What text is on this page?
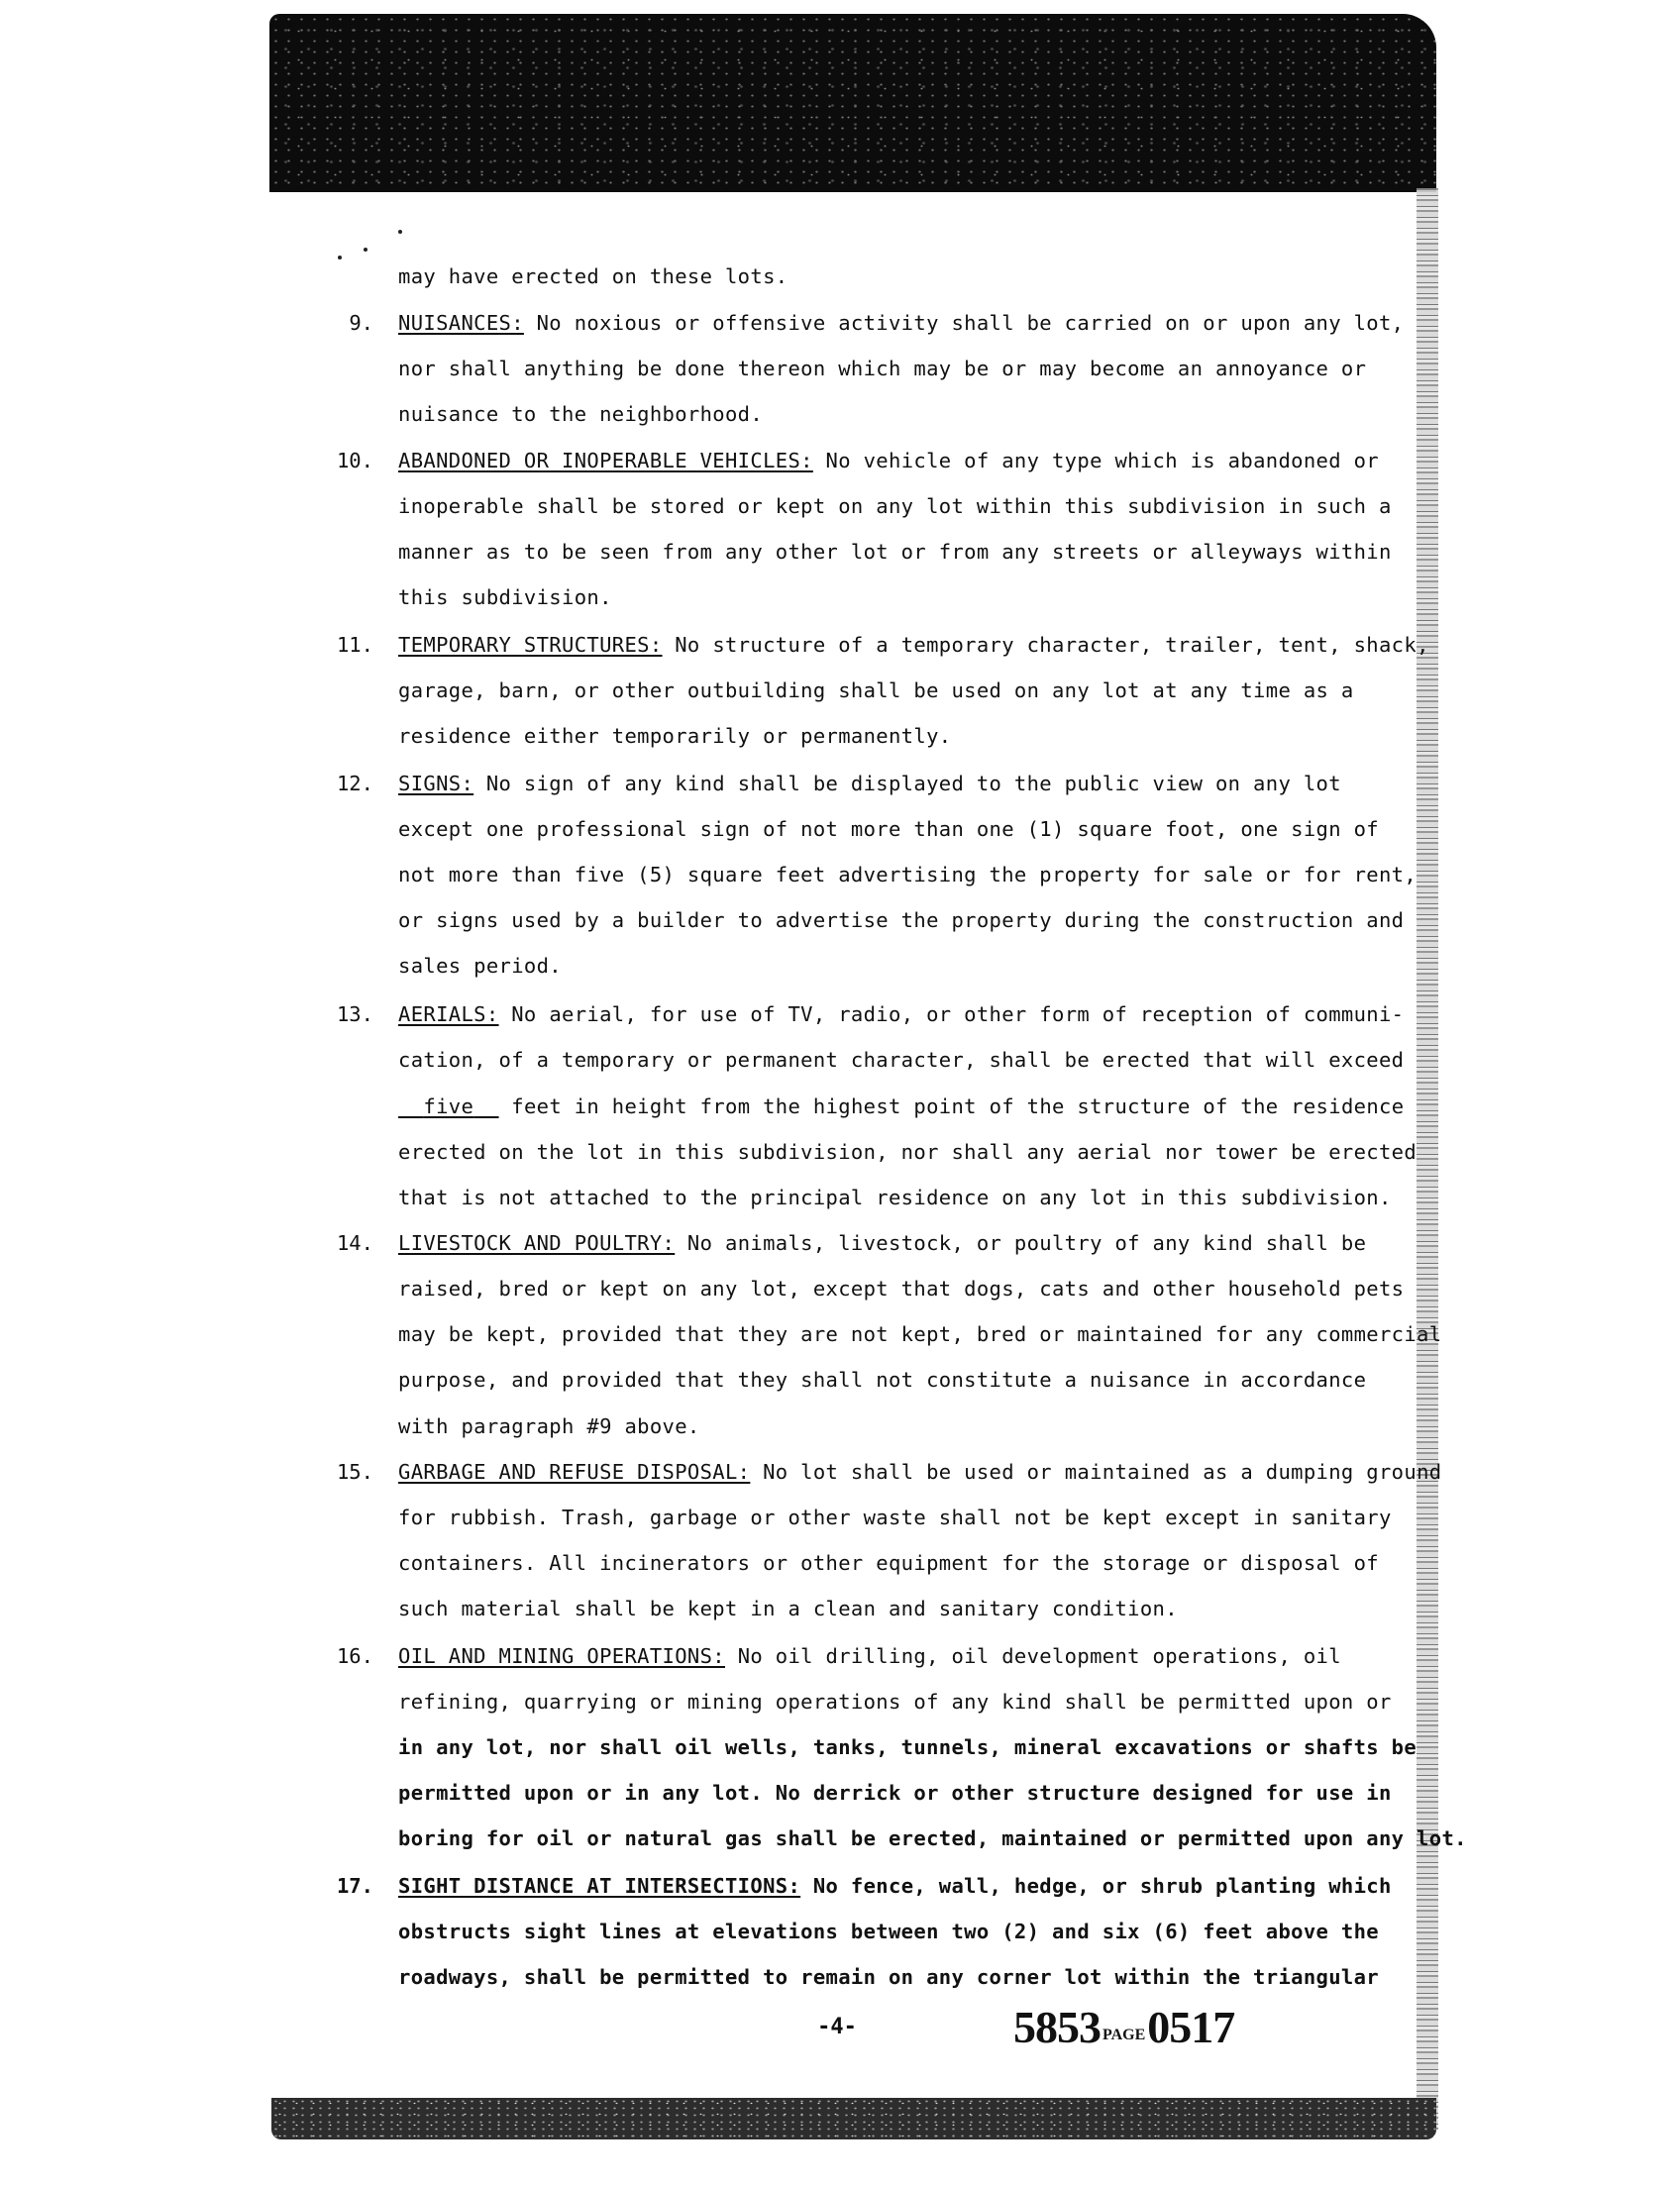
may have erected on these lots.
9. NUISANCES: No noxious or offensive activity shall be carried on or upon any lot,
nor shall anything be done thereon which may be or may become an annoyance or
nuisance to the neighborhood.
10. ABANDONED OR INOPERABLE VEHICLES: No vehicle of any type which is abandoned or
inoperable shall be stored or kept on any lot within this subdivision in such a
manner as to be seen from any other lot or from any streets or alleyways within
this subdivision.
11. TEMPORARY STRUCTURES: No structure of a temporary character, trailer, tent, shack,
garage, barn, or other outbuilding shall be used on any lot at any time as a
residence either temporarily or permanently.
12. SIGNS: No sign of any kind shall be displayed to the public view on any lot
except one professional sign of not more than one (1) square foot, one sign of
not more than five (5) square feet advertising the property for sale or for rent,
or signs used by a builder to advertise the property during the construction and
sales period.
13. AERIALS: No aerial, for use of TV, radio, or other form of reception of communi-
cation, of a temporary or permanent character, shall be erected that will exceed
five feet in height from the highest point of the structure of the residence
erected on the lot in this subdivision, nor shall any aerial nor tower be erected
that is not attached to the principal residence on any lot in this subdivision.
14. LIVESTOCK AND POULTRY: No animals, livestock, or poultry of any kind shall be
raised, bred or kept on any lot, except that dogs, cats and other household pets
may be kept, provided that they are not kept, bred or maintained for any commercial
purpose, and provided that they shall not constitute a nuisance in accordance
with paragraph #9 above.
15. GARBAGE AND REFUSE DISPOSAL: No lot shall be used or maintained as a dumping ground
for rubbish. Trash, garbage or other waste shall not be kept except in sanitary
containers. All incinerators or other equipment for the storage or disposal of
such material shall be kept in a clean and sanitary condition.
16. OIL AND MINING OPERATIONS: No oil drilling, oil development operations, oil
refining, quarrying or mining operations of any kind shall be permitted upon or
in any lot, nor shall oil wells, tanks, tunnels, mineral excavations or shafts be
permitted upon or in any lot. No derrick or other structure designed for use in
boring for oil or natural gas shall be erected, maintained or permitted upon any lot.
17. SIGHT DISTANCE AT INTERSECTIONS: No fence, wall, hedge, or shrub planting which
obstructs sight lines at elevations between two (2) and six (6) feet above the
roadways, shall be permitted to remain on any corner lot within the triangular
5853 PAGE0517
-4-
